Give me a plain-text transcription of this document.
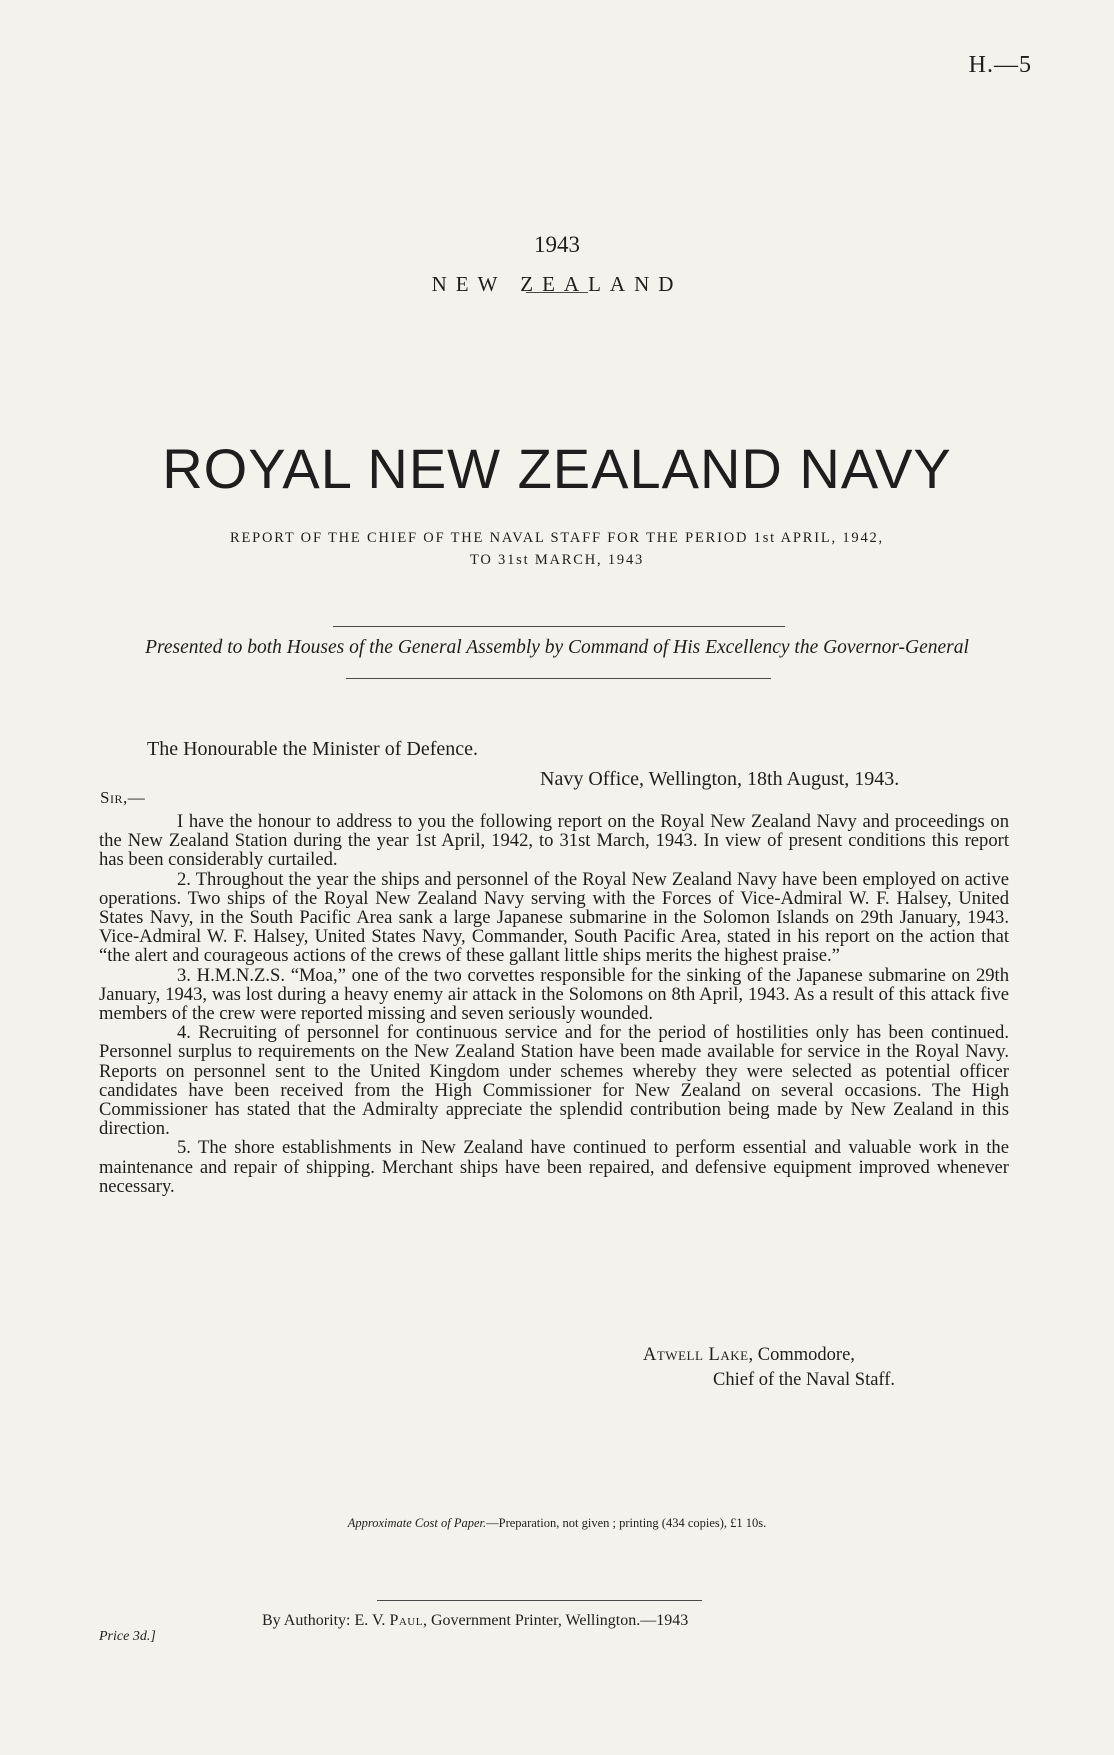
H.—5
1943
NEW ZEALAND
ROYAL NEW ZEALAND NAVY
REPORT OF THE CHIEF OF THE NAVAL STAFF FOR THE PERIOD 1st APRIL, 1942,
TO 31st MARCH, 1943
Presented to both Houses of the General Assembly by Command of His Excellency the Governor-General
The Honourable the Minister of Defence.
Navy Office, Wellington, 18th August, 1943.
Sir,—

I have the honour to address to you the following report on the Royal New Zealand Navy and proceedings on the New Zealand Station during the year 1st April, 1942, to 31st March, 1943. In view of present conditions this report has been considerably curtailed.

2. Throughout the year the ships and personnel of the Royal New Zealand Navy have been employed on active operations. Two ships of the Royal New Zealand Navy serving with the Forces of Vice-Admiral W. F. Halsey, United States Navy, in the South Pacific Area sank a large Japanese submarine in the Solomon Islands on 29th January, 1943. Vice-Admiral W. F. Halsey, United States Navy, Commander, South Pacific Area, stated in his report on the action that “the alert and courageous actions of the crews of these gallant little ships merits the highest praise.”

3. H.M.N.Z.S. “Moa,” one of the two corvettes responsible for the sinking of the Japanese submarine on 29th January, 1943, was lost during a heavy enemy air attack in the Solomons on 8th April, 1943. As a result of this attack five members of the crew were reported missing and seven seriously wounded.

4. Recruiting of personnel for continuous service and for the period of hostilities only has been continued. Personnel surplus to requirements on the New Zealand Station have been made available for service in the Royal Navy. Reports on personnel sent to the United Kingdom under schemes whereby they were selected as potential officer candidates have been received from the High Commissioner for New Zealand on several occasions. The High Commissioner has stated that the Admiralty appreciate the splendid contribution being made by New Zealand in this direction.

5. The shore establishments in New Zealand have continued to perform essential and valuable work in the maintenance and repair of shipping. Merchant ships have been repaired, and defensive equipment improved whenever necessary.

Atwell Lake, Commodore,
Chief of the Naval Staff.
Approximate Cost of Paper.—Preparation, not given ; printing (434 copies), £1 10s.
By Authority: E. V. Paul, Government Printer, Wellington.—1943
Price 3d.]
